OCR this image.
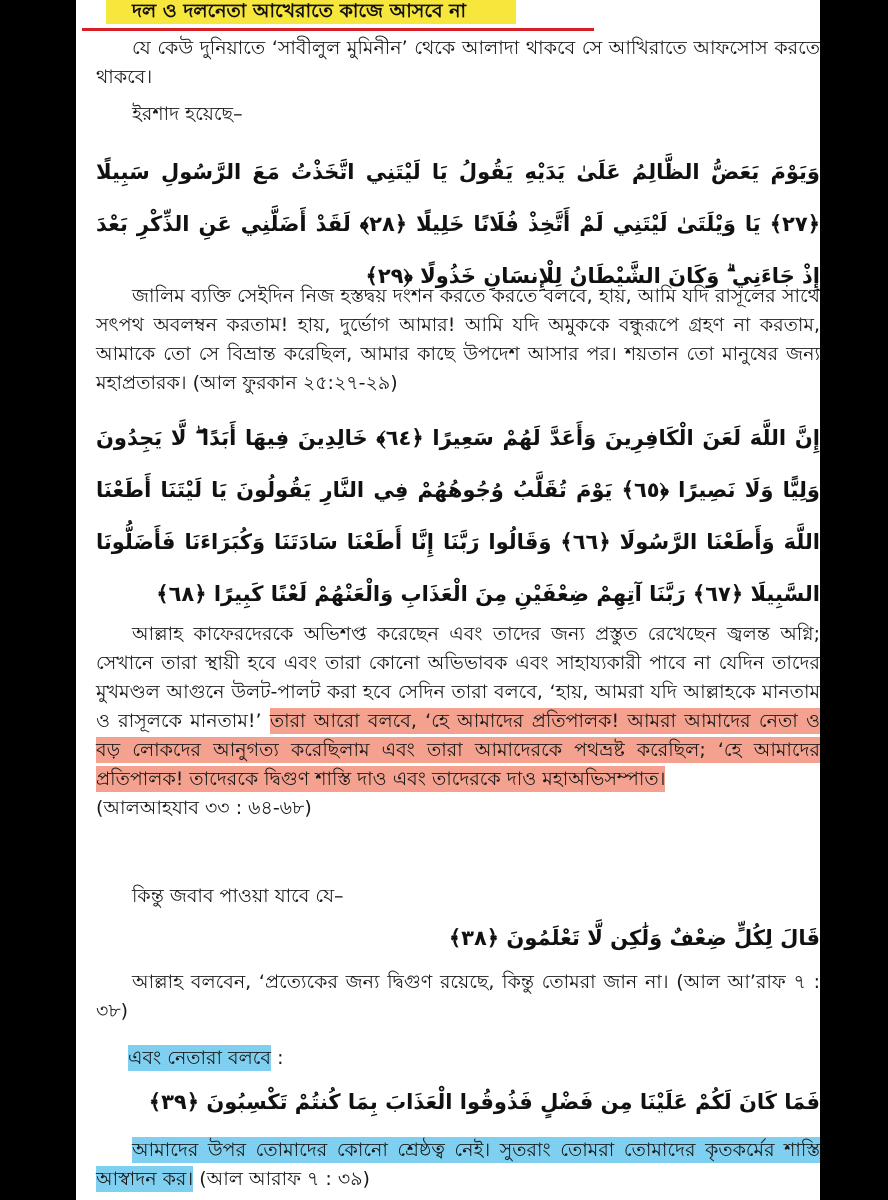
দল ও দলনেতা আখেরাতে কাজে আসবে না

যে কেউ দুনিয়াতে ‘সাবীলুল মুমিনীন’ থেকে আলাদা থাকবে সে আখিরাতে আফসোস করতে থাকবে।

ইরশাদ হয়েছে–

وَيَوْمَ يَعَضُّ الظَّالِمُ عَلَىٰ يَدَيْهِ يَقُولُ يَا لَيْتَنِي اتَّخَذْتُ مَعَ الرَّسُولِ سَبِيلًا ﴿٢٧﴾ يَا وَيْلَتَىٰ لَيْتَنِي لَمْ أَتَّخِذْ فُلَانًا خَلِيلًا ﴿٢٨﴾ لَقَدْ أَضَلَّنِي عَنِ الذِّكْرِ بَعْدَ إِذْ جَاءَنِي ۗ وَكَانَ الشَّيْطَانُ لِلْإِنسَانِ خَذُولًا ﴿٢٩﴾

জালিম ব্যক্তি সেইদিন নিজ হস্তদ্বয় দংশন করতে করতে বলবে, হায়, আমি যদি রাসূলের সাথে সৎপথ অবলম্বন করতাম! হায়, দুর্ভোগ আমার! আমি যদি অমুককে বন্ধুরূপে গ্রহণ না করতাম, আমাকে তো সে বিভ্রান্ত করেছিল, আমার কাছে উপদেশ আসার পর। শয়তান তো মানুষের জন্য মহাপ্রতারক। (আল ফুরকান ২৫:২৭-২৯)

إِنَّ اللَّهَ لَعَنَ الْكَافِرِينَ وَأَعَدَّ لَهُمْ سَعِيرًا ﴿٦٤﴾ خَالِدِينَ فِيهَا أَبَدًا ۖ لَّا يَجِدُونَ وَلِيًّا وَلَا نَصِيرًا ﴿٦٥﴾ يَوْمَ تُقَلَّبُ وُجُوهُهُمْ فِي النَّارِ يَقُولُونَ يَا لَيْتَنَا أَطَعْنَا اللَّهَ وَأَطَعْنَا الرَّسُولَا ﴿٦٦﴾ وَقَالُوا رَبَّنَا إِنَّا أَطَعْنَا سَادَتَنَا وَكُبَرَاءَنَا فَأَضَلُّونَا السَّبِيلَا ﴿٦٧﴾ رَبَّنَا آتِهِمْ ضِعْفَيْنِ مِنَ الْعَذَابِ وَالْعَنْهُمْ لَعْنًا كَبِيرًا ﴿٦٨﴾

আল্লাহ কাফেরদেরকে অভিশপ্ত করেছেন এবং তাদের জন্য প্রস্তুত রেখেছেন জ্বলন্ত অগ্নি; সেখানে তারা স্থায়ী হবে এবং তারা কোনো অভিভাবক এবং সাহায্যকারী পাবে না যেদিন তাদের মুখমণ্ডল আগুনে উলট-পালট করা হবে সেদিন তারা বলবে, ‘হায়, আমরা যদি আল্লাহকে মানতাম ও রাসূলকে মানতাম!’ তারা আরো বলবে, ‘হে আমাদের প্রতিপালক! আমরা আমাদের নেতা ও বড় লোকদের আনুগত্য করেছিলাম এবং তারা আমাদেরকে পথভ্রষ্ট করেছিল; ‘হে আমাদের প্রতিপালক! তাদেরকে দ্বিগুণ শাস্তি দাও এবং তাদেরকে দাও মহাঅভিসম্পাত।
(আলআহযাব ৩৩ : ৬৪-৬৮)

কিন্তু জবাব পাওয়া যাবে যে–

قَالَ لِكُلٍّ ضِعْفٌ وَلَٰكِن لَّا تَعْلَمُونَ ﴿٣٨﴾

আল্লাহ বলবেন, ‘প্রত্যেকের জন্য দ্বিগুণ রয়েছে, কিন্তু তোমরা জান না। (আল আ’রাফ ৭ : ৩৮)

এবং নেতারা বলবে :

فَمَا كَانَ لَكُمْ عَلَيْنَا مِن فَضْلٍ فَذُوقُوا الْعَذَابَ بِمَا كُنتُمْ تَكْسِبُونَ ﴿٣٩﴾

আমাদের উপর তোমাদের কোনো শ্রেষ্ঠত্ব নেই। সুতরাং তোমরা তোমাদের কৃতকর্মের শাস্তি আস্বাদন কর। (আল আরাফ ৭ : ৩৯)
